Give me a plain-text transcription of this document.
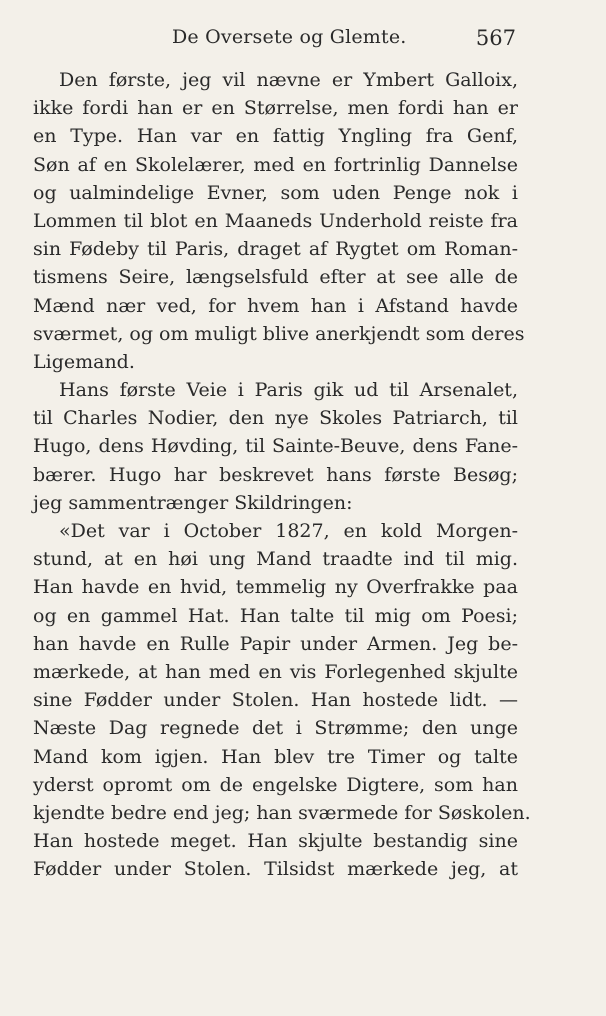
De Oversete og Glemte.	567
Den første, jeg vil nævne er Ymbert Galloix,
ikke fordi han er en Størrelse, men fordi han er
en Type. Han var en fattig Yngling fra Genf,
Søn af en Skolelærer, med en fortrinlig Dannelse
og ualmindelige Evner, som uden Penge nok i
Lommen til blot en Maaneds Underhold reiste fra
sin Fødeby til Paris, draget af Rygtet om Roman-
tismens Seire, længselsfuld efter at see alle de
Mænd nær ved, for hvem han i Afstand havde
sværmet, og om muligt blive anerkjendt som deres
Ligemand.
Hans første Veie i Paris gik ud til Arsenalet,
til Charles Nodier, den nye Skoles Patriarch, til
Hugo, dens Høvding, til Sainte-Beuve, dens Fane-
bærer. Hugo har beskrevet hans første Besøg;
jeg sammentrænger Skildringen:
«Det var i October 1827, en kold Morgen-
stund, at en høi ung Mand traadte ind til mig.
Han havde en hvid, temmelig ny Overfrakke paa
og en gammel Hat. Han talte til mig om Poesi;
han havde en Rulle Papir under Armen. Jeg be-
mærkede, at han med en vis Forlegenhed skjulte
sine Fødder under Stolen. Han hostede lidt. —
Næste Dag regnede det i Strømme; den unge
Mand kom igjen. Han blev tre Timer og talte
yderst opromt om de engelske Digtere, som han
kjendte bedre end jeg; han sværmede for Søskolen.
Han hostede meget. Han skjulte bestandig sine
Fødder under Stolen. Tilsidst mærkede jeg, at
